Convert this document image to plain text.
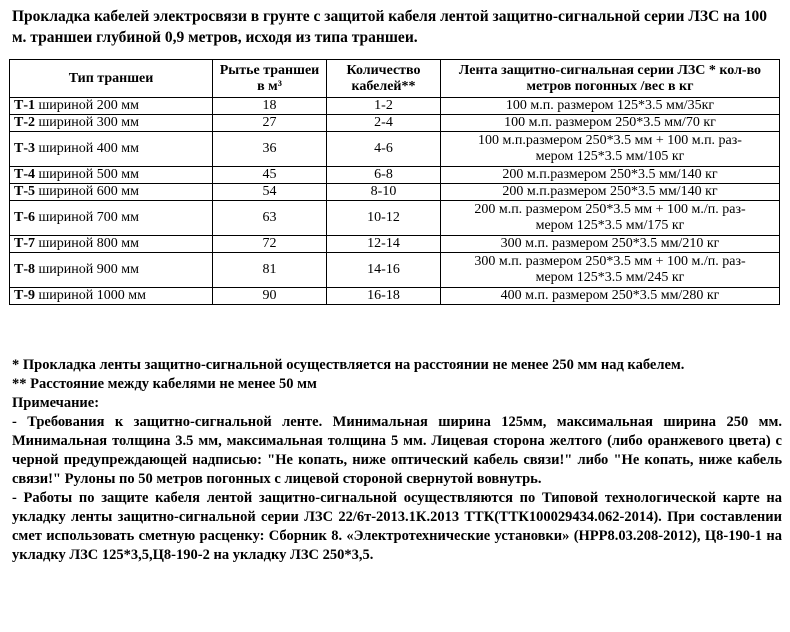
Прокладка кабелей электросвязи в грунте с защитой кабеля лентой защитно-сигнальной серии ЛЗС на 100 м. траншеи глубиной 0,9 метров, исходя из типа траншеи.
Тип траншеи	Рытье траншеи в м³	Количество кабелей**	Лента защитно-сигнальная серии ЛЗС * кол-во метров погонных /вес в кг
Т-1 шириной 200 мм	18	1-2	100 м.п. размером 125*3.5 мм/35кг

Т-2 шириной 300 мм	27	2-4	100 м.п. размером 250*3.5 мм/70 кг

Т-3 шириной 400 мм	36	4-6	100 м.п.размером 250*3.5 мм + 100 м.п. раз-
мером 125*3.5 мм/105 кг

Т-4 шириной 500 мм	45	6-8	200 м.п.размером 250*3.5 мм/140 кг

Т-5 шириной 600 мм	54	8-10	200 м.п.размером 250*3.5 мм/140 кг

Т-6 шириной 700 мм	63	10-12	200 м.п. размером 250*3.5 мм + 100 м./п. раз-
мером 125*3.5 мм/175 кг

Т-7 шириной 800 мм	72	12-14	300 м.п. размером 250*3.5 мм/210 кг

Т-8 шириной 900 мм	81	14-16	300 м.п. размером 250*3.5 мм + 100 м./п. раз-
мером 125*3.5 мм/245 кг

Т-9 шириной 1000 мм	90	16-18	400 м.п. размером 250*3.5 мм/280 кг

* Прокладка ленты защитно-сигнальной осуществляется на расстоянии не менее 250 мм над кабелем.

** Расстояние между кабелями не менее 50 мм

Примечание:

- Требования к защитно-сигнальной ленте. Минимальная ширина 125мм, максимальная ширина 250 мм. Минимальная толщина 3.5 мм, максимальная толщина 5 мм. Лицевая сторона желтого (либо оранжевого цвета) с черной предупреждающей надписью: "Не копать, ниже оптический кабель связи!" либо "Не копать, ниже кабель связи!" Рулоны по 50 метров погонных с лицевой стороной свернутой вовнутрь.

- Работы по защите кабеля лентой защитно-сигнальной осуществляются по Типовой технологической карте на укладку ленты защитно-сигнальной серии ЛЗС 22/6т-2013.1К.2013 ТТК(ТТК100029434.062-2014). При составлении смет использовать сметную расценку: Сборник 8. «Электротехнические установки» (НРР8.03.208-2012), Ц8-190-1 на укладку ЛЗС 125*3,5,Ц8-190-2 на укладку ЛЗС 250*3,5.
